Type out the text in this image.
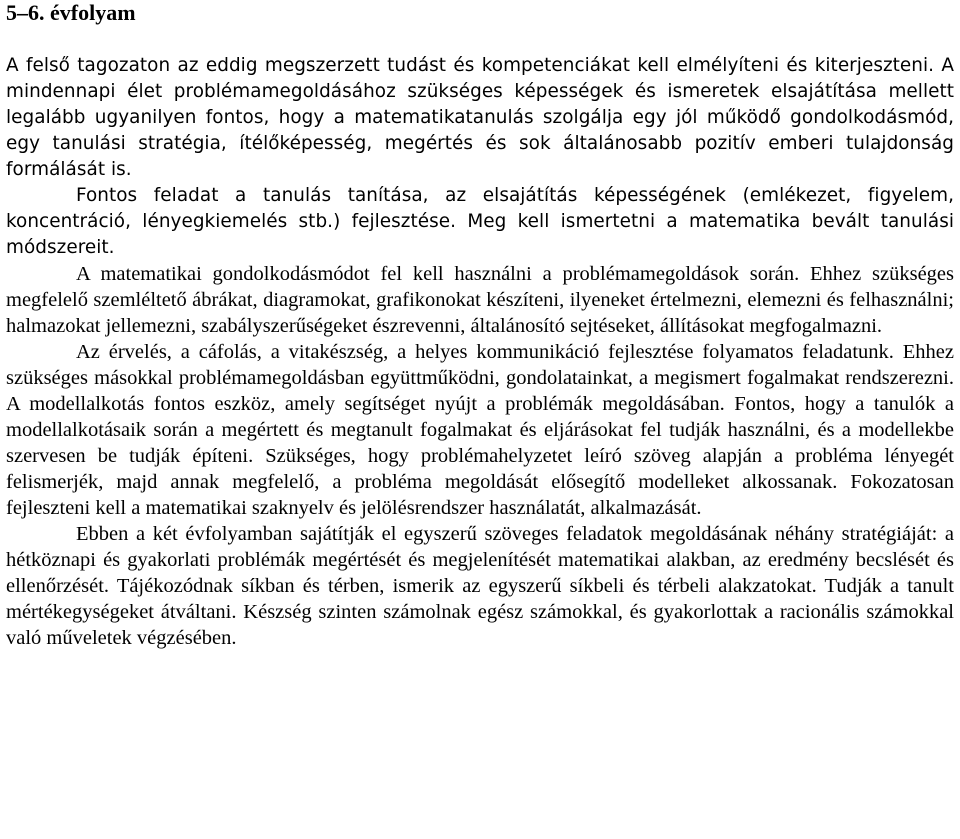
5–6. évfolyam

A felső tagozaton az eddig megszerzett tudást és kompetenciákat kell elmélyíteni és kiterjeszteni. A mindennapi élet problémamegoldásához szükséges képességek és ismeretek elsajátítása mellett legalább ugyanilyen fontos, hogy a matematikatanulás szolgálja egy jól működő gondolkodásmód, egy tanulási stratégia, ítélőképesség, megértés és sok általánosabb pozitív emberi tulajdonság formálását is.

Fontos feladat a tanulás tanítása, az elsajátítás képességének (emlékezet, figyelem, koncentráció, lényegkiemelés stb.) fejlesztése. Meg kell ismertetni a matematika bevált tanulási módszereit.

A matematikai gondolkodásmódot fel kell használni a problémamegoldások során. Ehhez szükséges megfelelő szemléltető ábrákat, diagramokat, grafikonokat készíteni, ilyeneket értelmezni, elemezni és felhasználni; halmazokat jellemezni, szabályszerűségeket észrevenni, általánosító sejtéseket, állításokat megfogalmazni.

Az érvelés, a cáfolás, a vitakészség, a helyes kommunikáció fejlesztése folyamatos feladatunk. Ehhez szükséges másokkal problémamegoldásban együttműködni, gondolatainkat, a megismert fogalmakat rendszerezni. A modellalkotás fontos eszköz, amely segítséget nyújt a problémák megoldásában. Fontos, hogy a tanulók a modellalkotásaik során a megértett és megtanult fogalmakat és eljárásokat fel tudják használni, és a modellekbe szervesen be tudják építeni. Szükséges, hogy problémahelyzetet leíró szöveg alapján a probléma lényegét felismerjék, majd annak megfelelő, a probléma megoldását elősegítő modelleket alkossanak. Fokozatosan fejleszteni kell a matematikai szaknyelv és jelölésrendszer használatát, alkalmazását.

Ebben a két évfolyamban sajátítják el egyszerű szöveges feladatok megoldásának néhány stratégiáját: a hétköznapi és gyakorlati problémák megértését és megjelenítését matematikai alakban, az eredmény becslését és ellenőrzését. Tájékozódnak síkban és térben, ismerik az egyszerű síkbeli és térbeli alakzatokat. Tudják a tanult mértékegységeket átváltani. Készség szinten számolnak egész számokkal, és gyakorlottak a racionális számokkal való műveletek végzésében.
